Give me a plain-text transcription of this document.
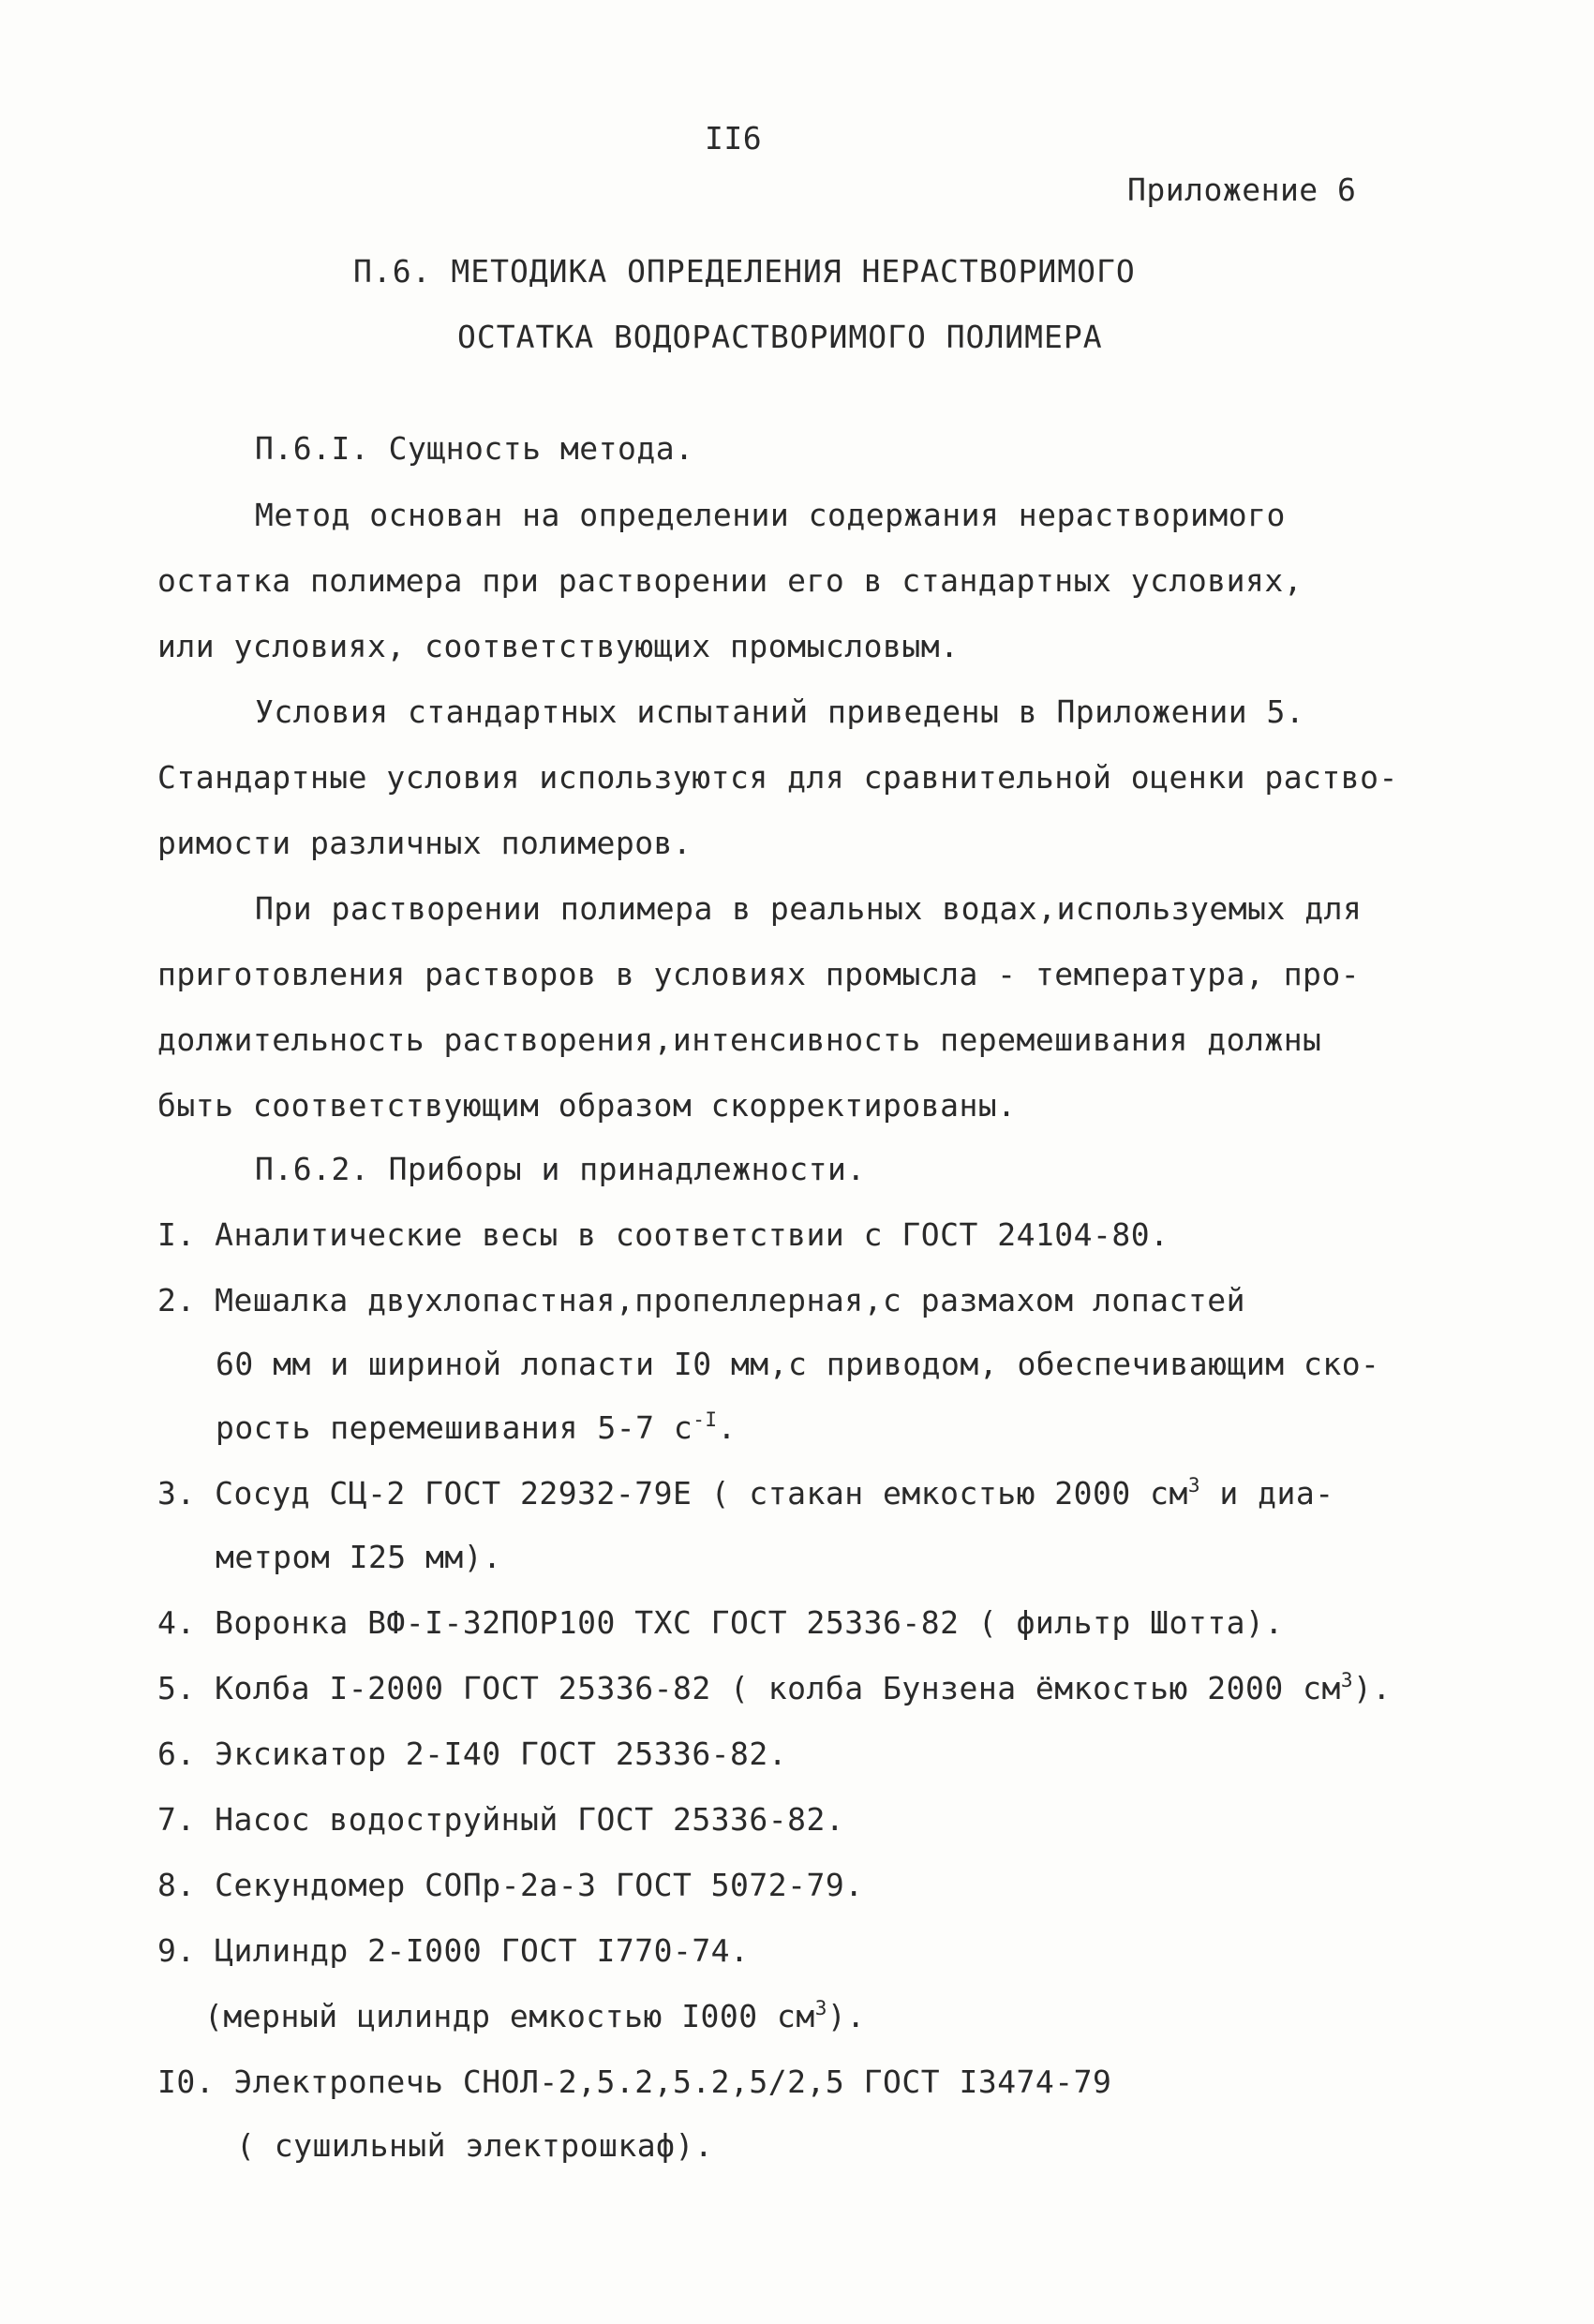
II6
Приложение 6
П.6. МЕТОДИКА ОПРЕДЕЛЕНИЯ НЕРАСТВОРИМОГО
ОСТАТКА ВОДОРАСТВОРИМОГО ПОЛИМЕРА
П.6.I. Сущность метода.
Метод основан на определении содержания нерастворимого
остатка полимера при растворении его в стандартных условиях,
или условиях, соответствующих промысловым.
Условия стандартных испытаний приведены в Приложении 5.
Стандартные условия используются для сравнительной оценки раство-
римости различных полимеров.
При растворении полимера в реальных водах,используемых для
приготовления растворов в условиях промысла - температура, про-
должительность растворения,интенсивность перемешивания должны
быть соответствующим образом скорректированы.
П.6.2. Приборы и принадлежности.
I. Аналитические весы в соответствии с ГОСТ 24104-80.
2. Мешалка двухлопастная,пропеллерная,с размахом лопастей
60 мм и шириной лопасти I0 мм,с приводом, обеспечивающим ско-
рость перемешивания 5-7 $с^{-I}$.
3. Сосуд СЦ-2 ГОСТ 22932-79Е ( стакан емкостью 2000 $см^3$ и диа-
метром I25 мм).
4. Воронка ВФ-I-32ПОР100 ТХС ГОСТ 25336-82 ( фильтр Шотта).
5. Колба I-2000 ГОСТ 25336-82 ( колба Бунзена ёмкостью 2000 $см^3$).
6. Эксикатор 2-I40 ГОСТ 25336-82.
7. Насос водоструйный ГОСТ 25336-82.
8. Секундомер СОПр-2а-3 ГОСТ 5072-79.
9. Цилиндр 2-I000 ГОСТ I770-74.
(мерный цилиндр емкостью I000 $см^3$).
I0. Электропечь СНОЛ-2,5.2,5.2,5/2,5 ГОСТ I3474-79
( сушильный электрошкаф).
